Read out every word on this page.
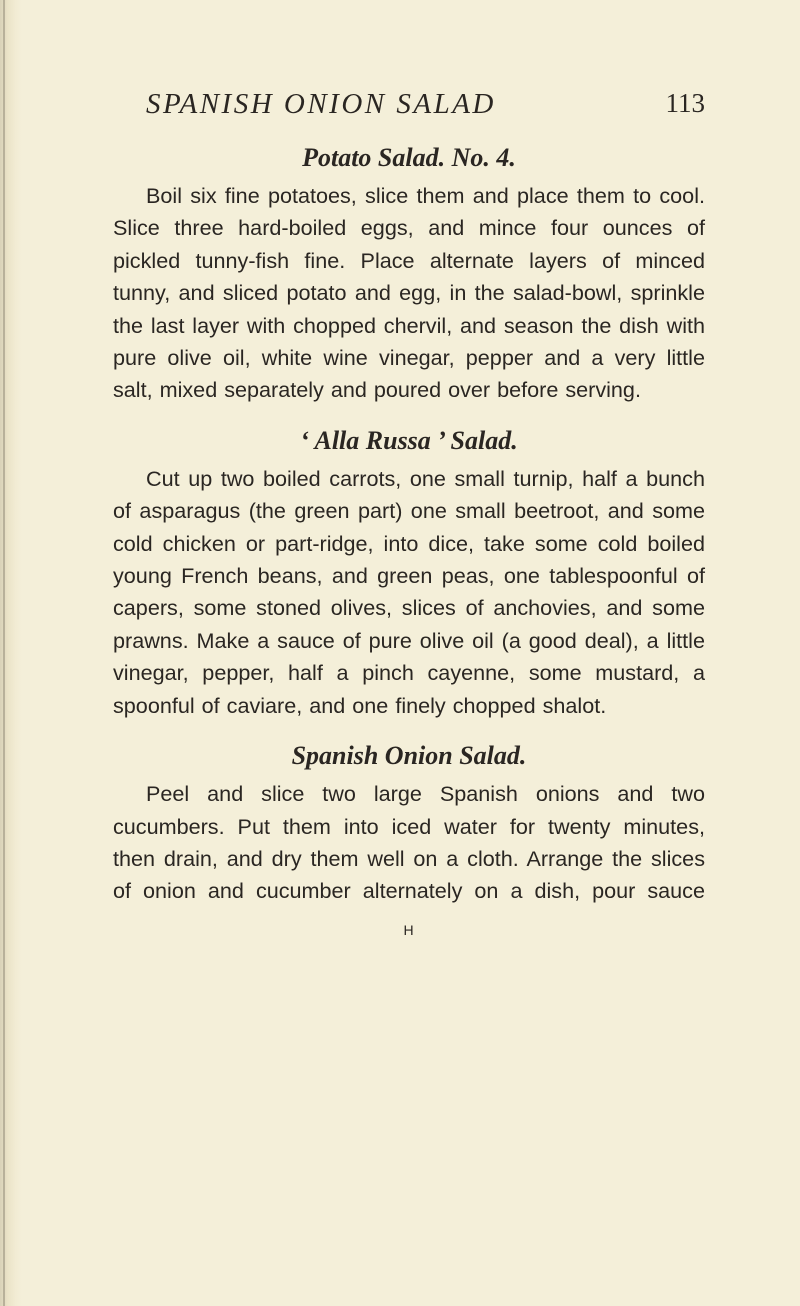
SPANISH ONION SALAD	113
Potato Salad. No. 4.

Boil six fine potatoes, slice them and place them to cool. Slice three hard-boiled eggs, and mince four ounces of pickled tunny-fish fine. Place alternate layers of minced tunny, and sliced potato and egg, in the salad-bowl, sprinkle the last layer with chopped chervil, and season the dish with pure olive oil, white wine vinegar, pepper and a very little salt, mixed separately and poured over before serving.

‘ Alla Russa ’ Salad.

Cut up two boiled carrots, one small turnip, half a bunch of asparagus (the green part) one small beetroot, and some cold chicken or part-ridge, into dice, take some cold boiled young French beans, and green peas, one tablespoonful of capers, some stoned olives, slices of anchovies, and some prawns. Make a sauce of pure olive oil (a good deal), a little vinegar, pepper, half a pinch cayenne, some mustard, a spoonful of caviare, and one finely chopped shalot.

Spanish Onion Salad.

Peel and slice two large Spanish onions and two cucumbers. Put them into iced water for twenty minutes, then drain, and dry them well on a cloth. Arrange the slices of onion and cucumber alternately on a dish, pour sauce

H
